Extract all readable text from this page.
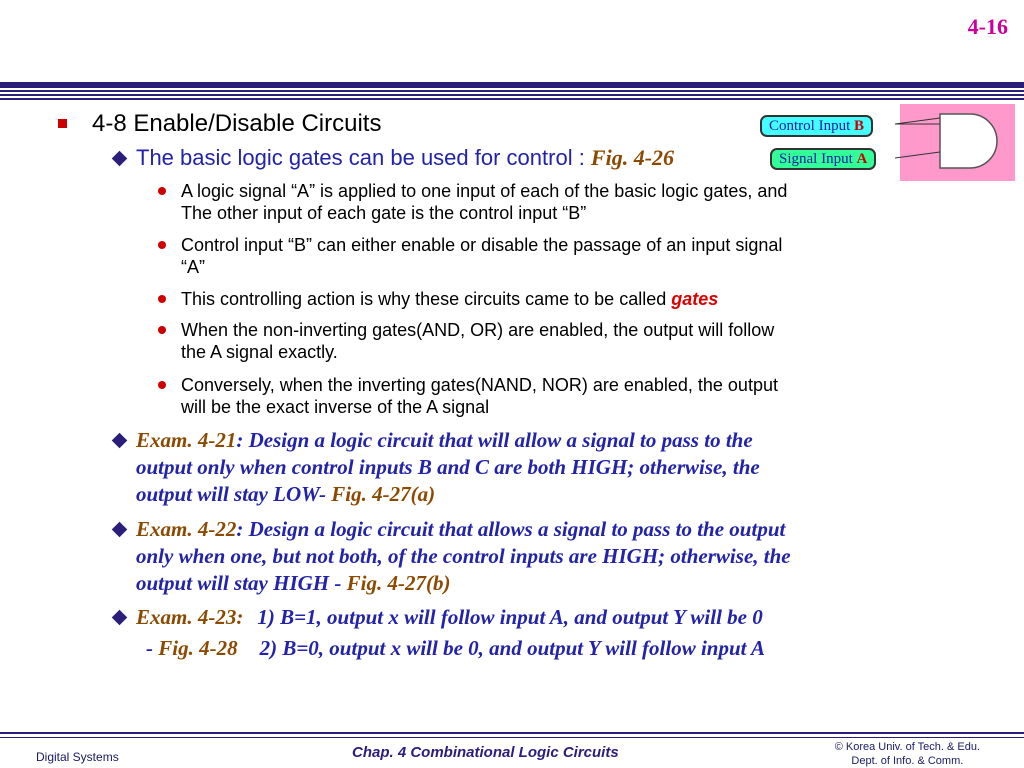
4-16
Control Input B
Signal Input A
4-8 Enable/Disable Circuits
The basic logic gates can be used for control : Fig. 4-26
A logic signal “A” is applied to one input of each of the basic logic gates, and
The other input of each gate is the control input “B”
Control input “B” can either enable or disable the passage of an input signal
“A”
This controlling action is why these circuits came to be called gates
When the non-inverting gates(AND, OR) are enabled, the output will follow
the A signal exactly.
Conversely, when the inverting gates(NAND, NOR) are enabled, the output
will be the exact inverse of the A signal
Exam. 4-21: Design a logic circuit that will allow a signal to pass to the
output only when control inputs B and C are both HIGH; otherwise, the
output will stay LOW- Fig. 4-27(a)
Exam. 4-22: Design a logic circuit that allows a signal to pass to the output
only when one, but not both, of the control inputs are HIGH; otherwise, the
output will stay HIGH - Fig. 4-27(b)
Exam. 4-23: 1) B=1, output x will follow input A, and output Y will be 0
- Fig. 4-28 2) B=0, output x will be 0, and output Y will follow input A
Digital Systems	Chap. 4 Combinational Logic Circuits	© Korea Univ. of Tech. & Edu.
Dept. of Info. & Comm.
